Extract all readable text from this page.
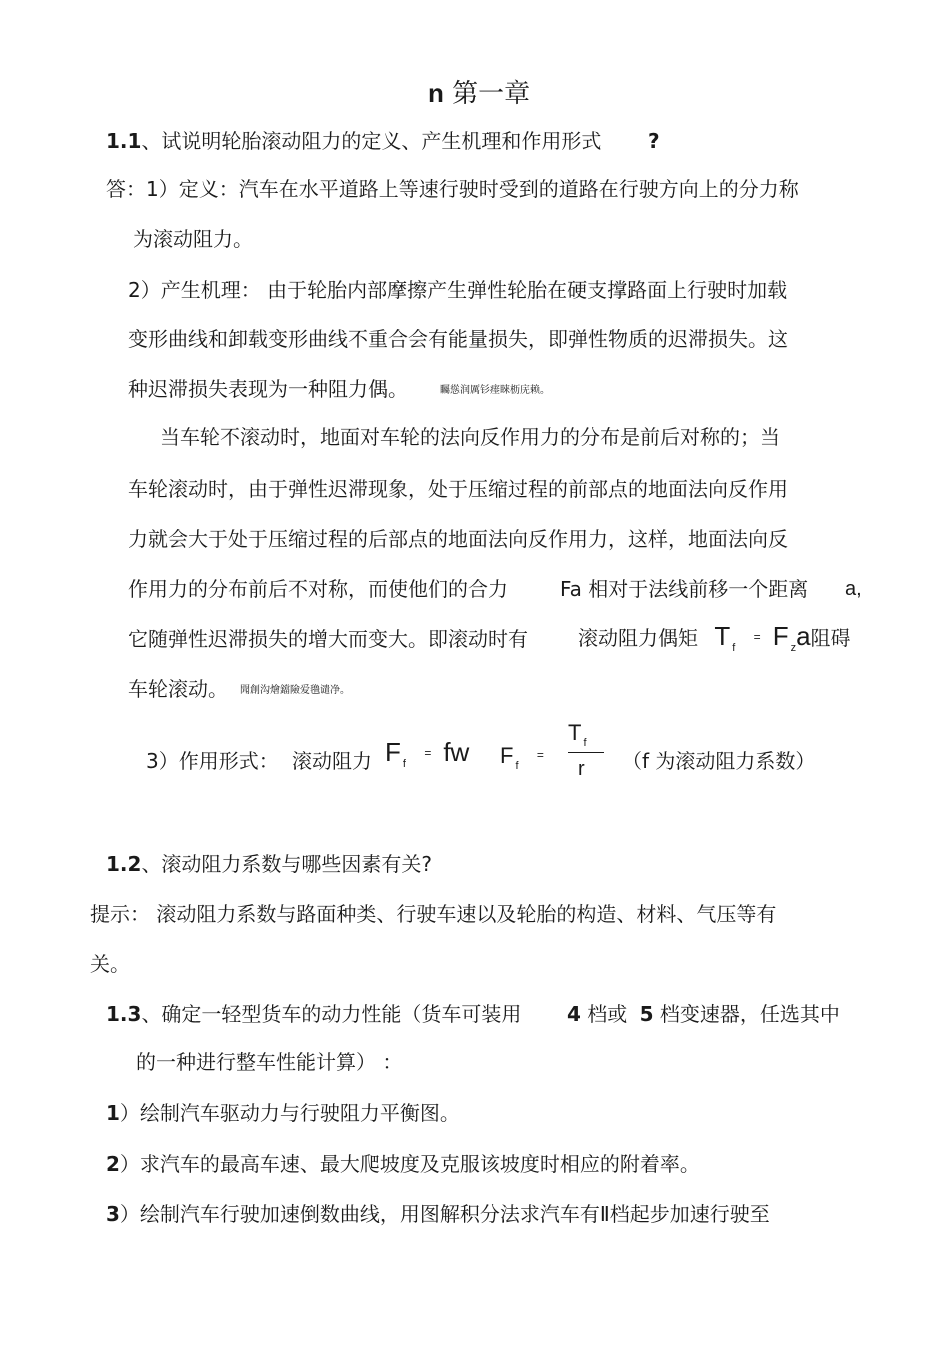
n 第一章
1.1、试说明轮胎滚动阻力的定义、产生机理和作用形式 ?
答：1）定义：汽车在水平道路上等速行驶时受到的道路在行驶方向上的分力称
为滚动阻力。
2）产生机理： 由于轮胎内部摩擦产生弹性轮胎在硬支撑路面上行驶时加载
变形曲线和卸载变形曲线不重合会有能量损失，即弹性物质的迟滞损失。这
种迟滞损失表现为一种阻力偶。	矚慫润厲钐瘗睞枥庑赖。
当车轮不滚动时，地面对车轮的法向反作用力的分布是前后对称的；当
车轮滚动时，由于弹性迟滞现象，处于压缩过程的前部点的地面法向反作用
力就会大于处于压缩过程的后部点的地面法向反作用力，这样，地面法向反
作用力的分布前后不对称，而使他们的合力	Fa 相对于法线前移一个距离 a,
它随弹性迟滞损失的增大而变大。即滚动时有	滚动阻力偶矩 T $_f$ = F $_z$a阻碍
车轮滚动。 聞創沟燴鐺險爱氇谴净。
3）作用形式： 滚动阻力 F $_f$ = fw F $_f$ =
T $_f$
r （f 为滚动阻力系数）
1.2、滚动阻力系数与哪些因素有关?
提示： 滚动阻力系数与路面种类、行驶车速以及轮胎的构造、材料、气压等有
关。
1.3、确定一轻型货车的动力性能（货车可装用 4 档或 5 档变速器，任选其中
的一种进行整车性能计算） ：
1）绘制汽车驱动力与行驶阻力平衡图。
2）求汽车的最高车速、最大爬坡度及克服该坡度时相应的附着率。
3）绘制汽车行驶加速倒数曲线，用图解积分法求汽车有Ⅱ档起步加速行驶至
